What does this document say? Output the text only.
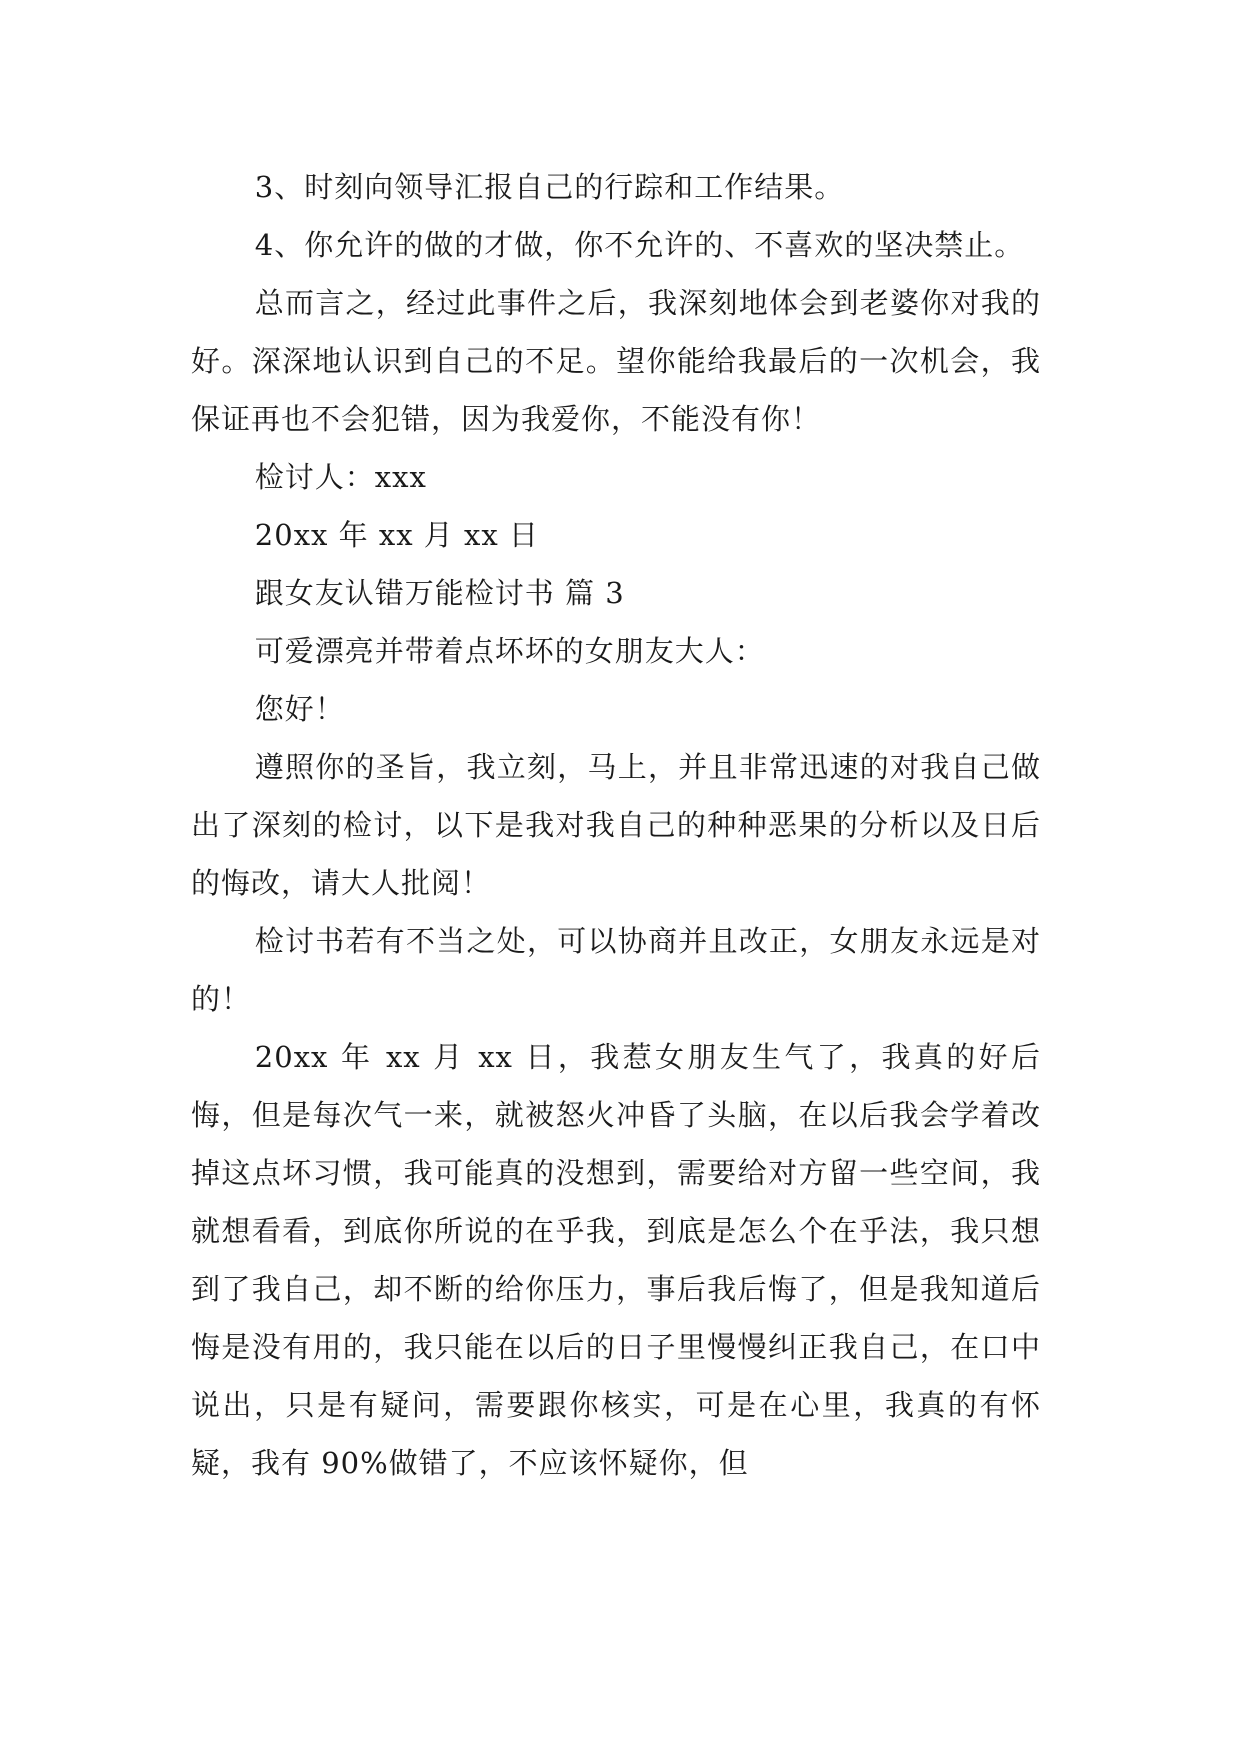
3、时刻向领导汇报自己的行踪和工作结果。

4、你允许的做的才做，你不允许的、不喜欢的坚决禁止。

总而言之，经过此事件之后，我深刻地体会到老婆你对我的好。深深地认识到自己的不足。望你能给我最后的一次机会，我保证再也不会犯错，因为我爱你，不能没有你！

检讨人：xxx

20xx 年 xx 月 xx 日

跟女友认错万能检讨书 篇 3

可爱漂亮并带着点坏坏的女朋友大人：

您好！

遵照你的圣旨，我立刻，马上，并且非常迅速的对我自己做出了深刻的检讨，以下是我对我自己的种种恶果的分析以及日后的悔改，请大人批阅！

检讨书若有不当之处，可以协商并且改正，女朋友永远是对的！

20xx 年 xx 月 xx 日，我惹女朋友生气了，我真的好后悔，但是每次气一来，就被怒火冲昏了头脑，在以后我会学着改掉这点坏习惯，我可能真的没想到，需要给对方留一些空间，我就想看看，到底你所说的在乎我，到底是怎么个在乎法，我只想到了我自己，却不断的给你压力，事后我后悔了，但是我知道后悔是没有用的，我只能在以后的日子里慢慢纠正我自己，在口中说出，只是有疑问，需要跟你核实，可是在心里，我真的有怀疑，我有 90%做错了，不应该怀疑你，但
